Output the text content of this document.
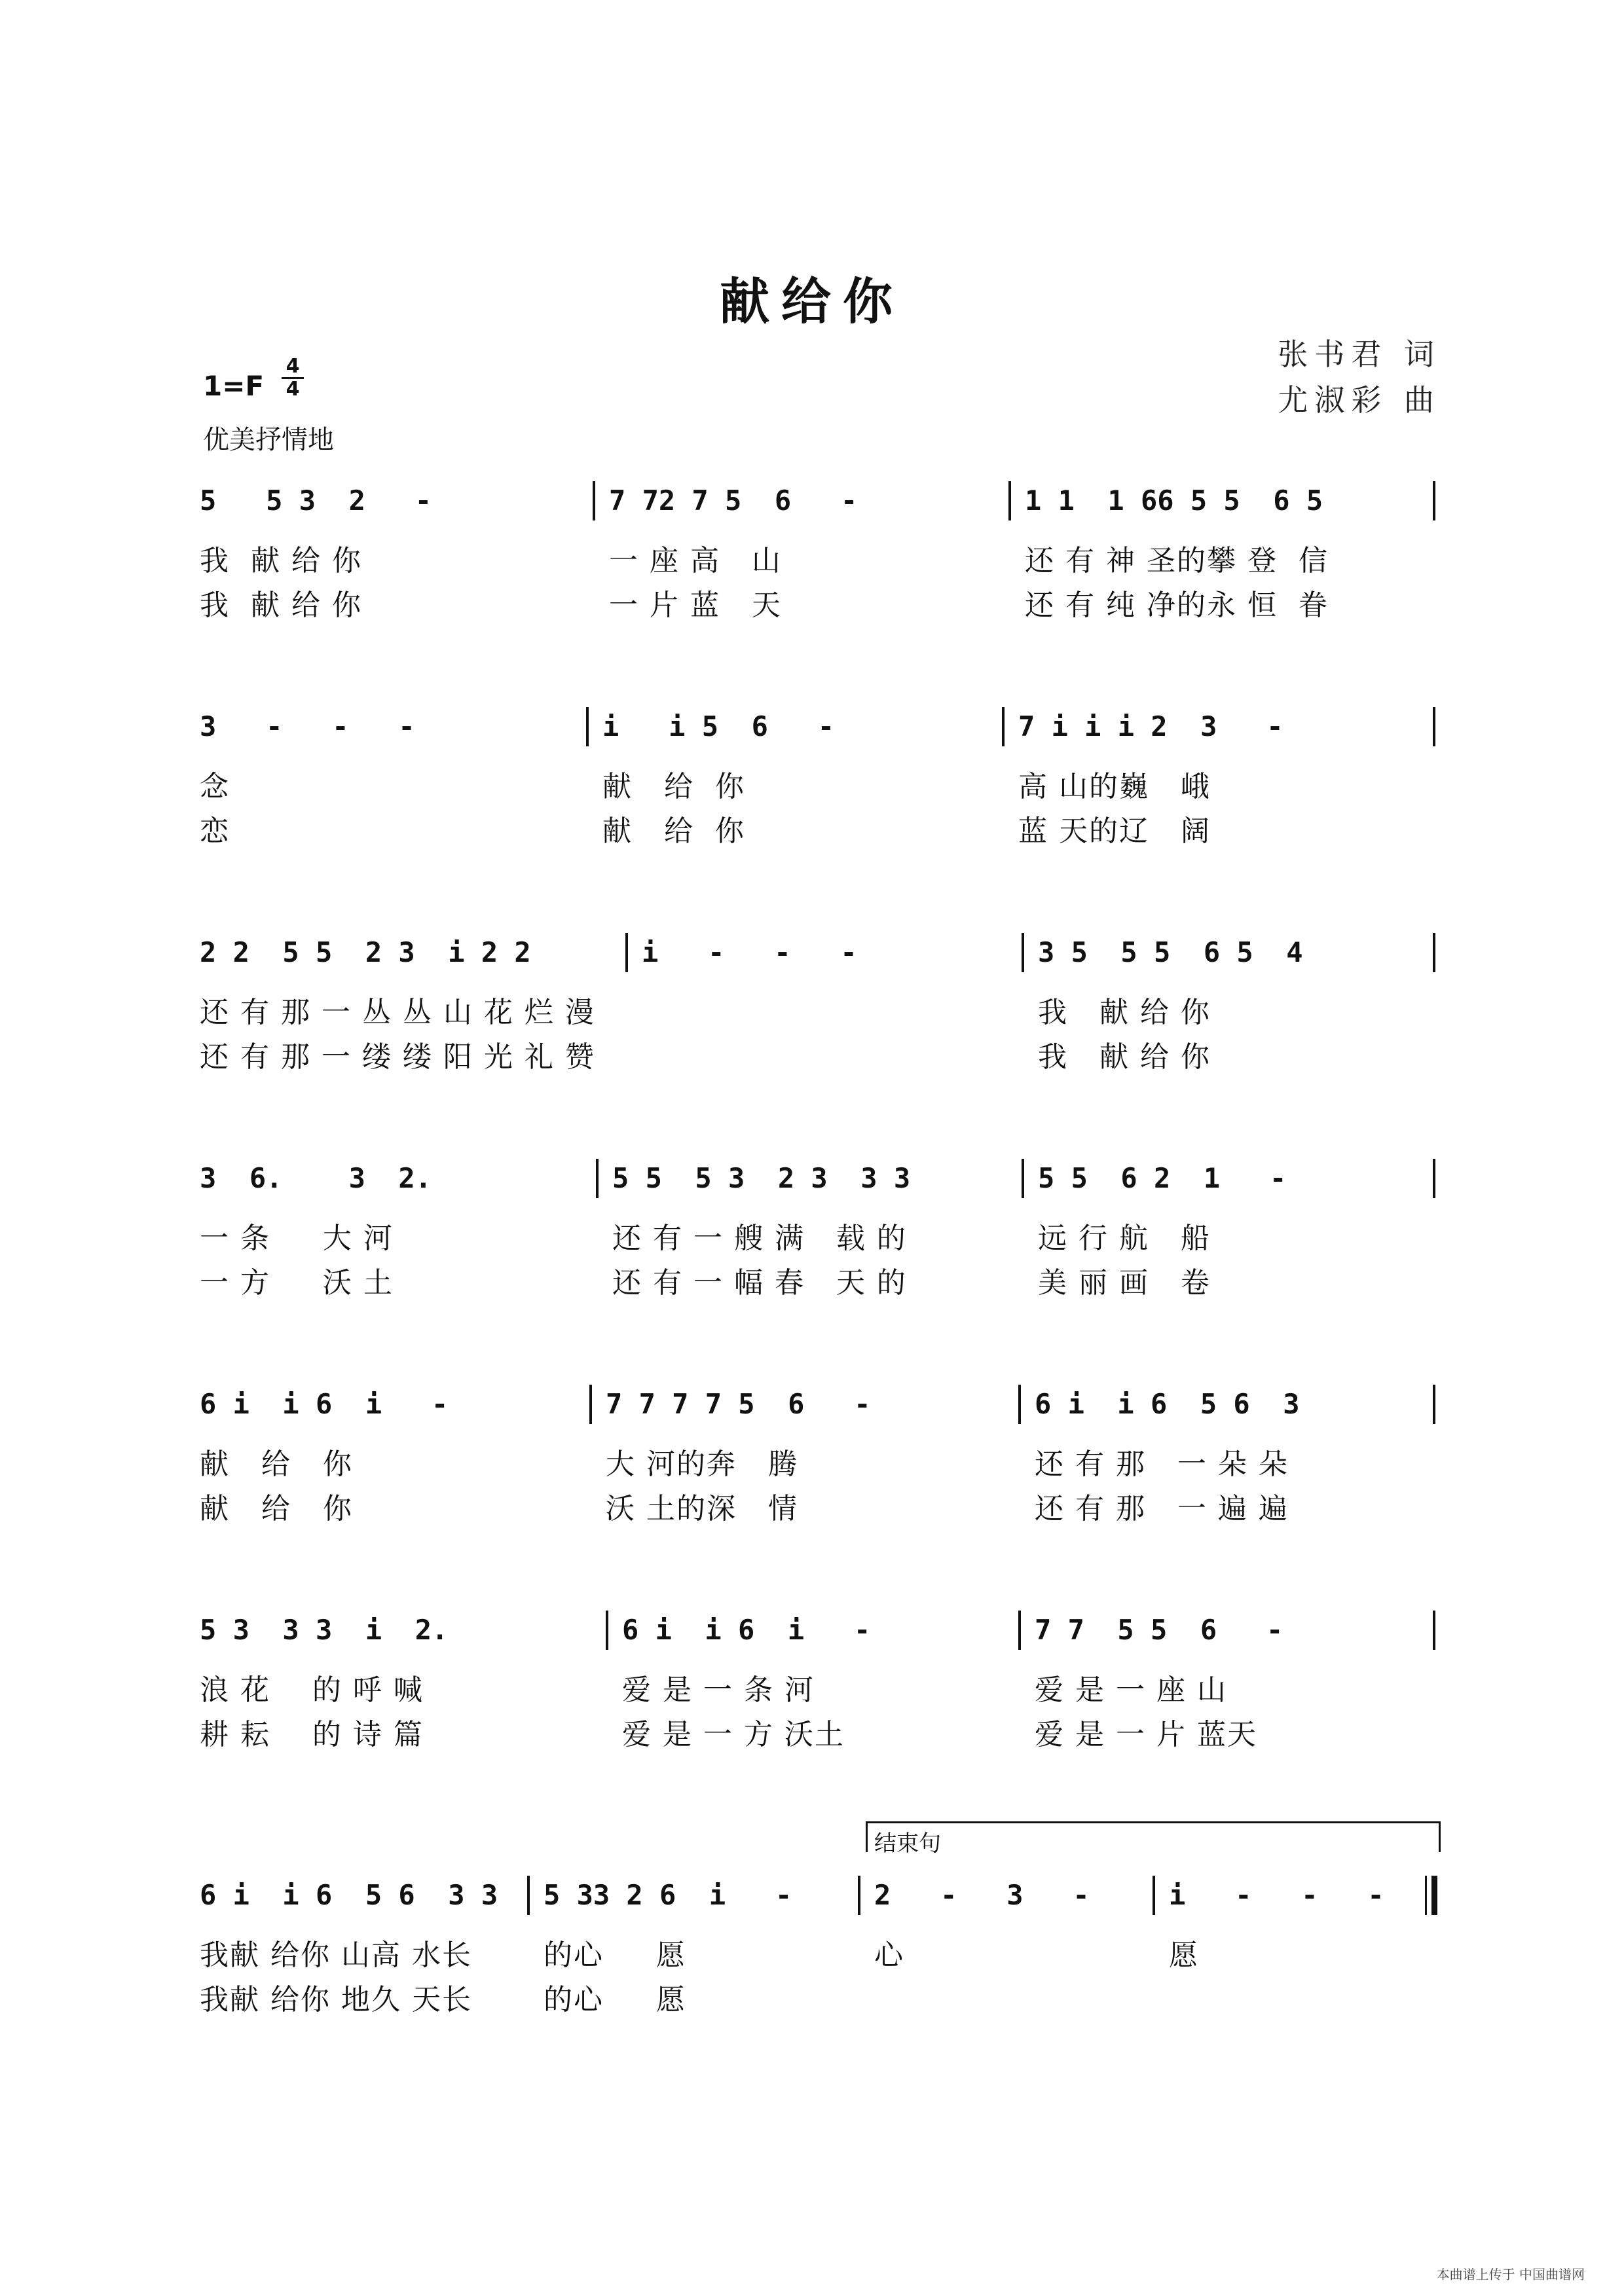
献给你
张书君 词
尤淑彩 曲
1=F
4
4
优美抒情地
5   5 3  2   -
我  献 给 你
我  献 给 你
7 72 7 5  6   -
一 座 高   山
一 片 蓝   天
1 1  1 66 5 5  6 5
还 有 神 圣的攀 登  信
还 有 纯 净的永 恒  眷
3   -   -   -
念
恋
i   i 5  6   -
献   给  你
献   给  你
7 i i i 2  3   -
高 山的巍   峨
蓝 天的辽   阔
2 2  5 5  2 3  i 2 2
还 有 那 一 丛 丛 山 花 烂 漫
还 有 那 一 缕 缕 阳 光 礼 赞
i   -   -   -	3 5  5 5  6 5  4
我   献 给 你
我   献 给 你
3  6.    3  2.
一 条     大 河
一 方     沃 土
5 5  5 3  2 3  3 3
还 有 一 艘 满   载 的
还 有 一 幅 春   天 的
5 5  6 2  1   -
远 行 航   船
美 丽 画   卷
6 i  i 6  i   -
献   给   你
献   给   你
7 7 7 7 5  6   -
大 河的奔   腾
沃 土的深   情
6 i  i 6  5 6  3
还 有 那   一 朵 朵
还 有 那   一 遍 遍
5 3  3 3  i  2.
浪 花    的 呼 喊
耕 耘    的 诗 篇
6 i  i 6  i   -
爱 是 一 条 河
爱 是 一 方 沃土
7 7  5 5  6   -
爱 是 一 座 山
爱 是 一 片 蓝天
结束句
6 i  i 6  5 6  3 3
我献 给你 山高 水长
我献 给你 地久 天长
5 33 2 6  i   -
的心     愿
的心     愿
2   -   3   -
心
i   -   -   -
愿
本曲谱上传于 中国曲谱网
